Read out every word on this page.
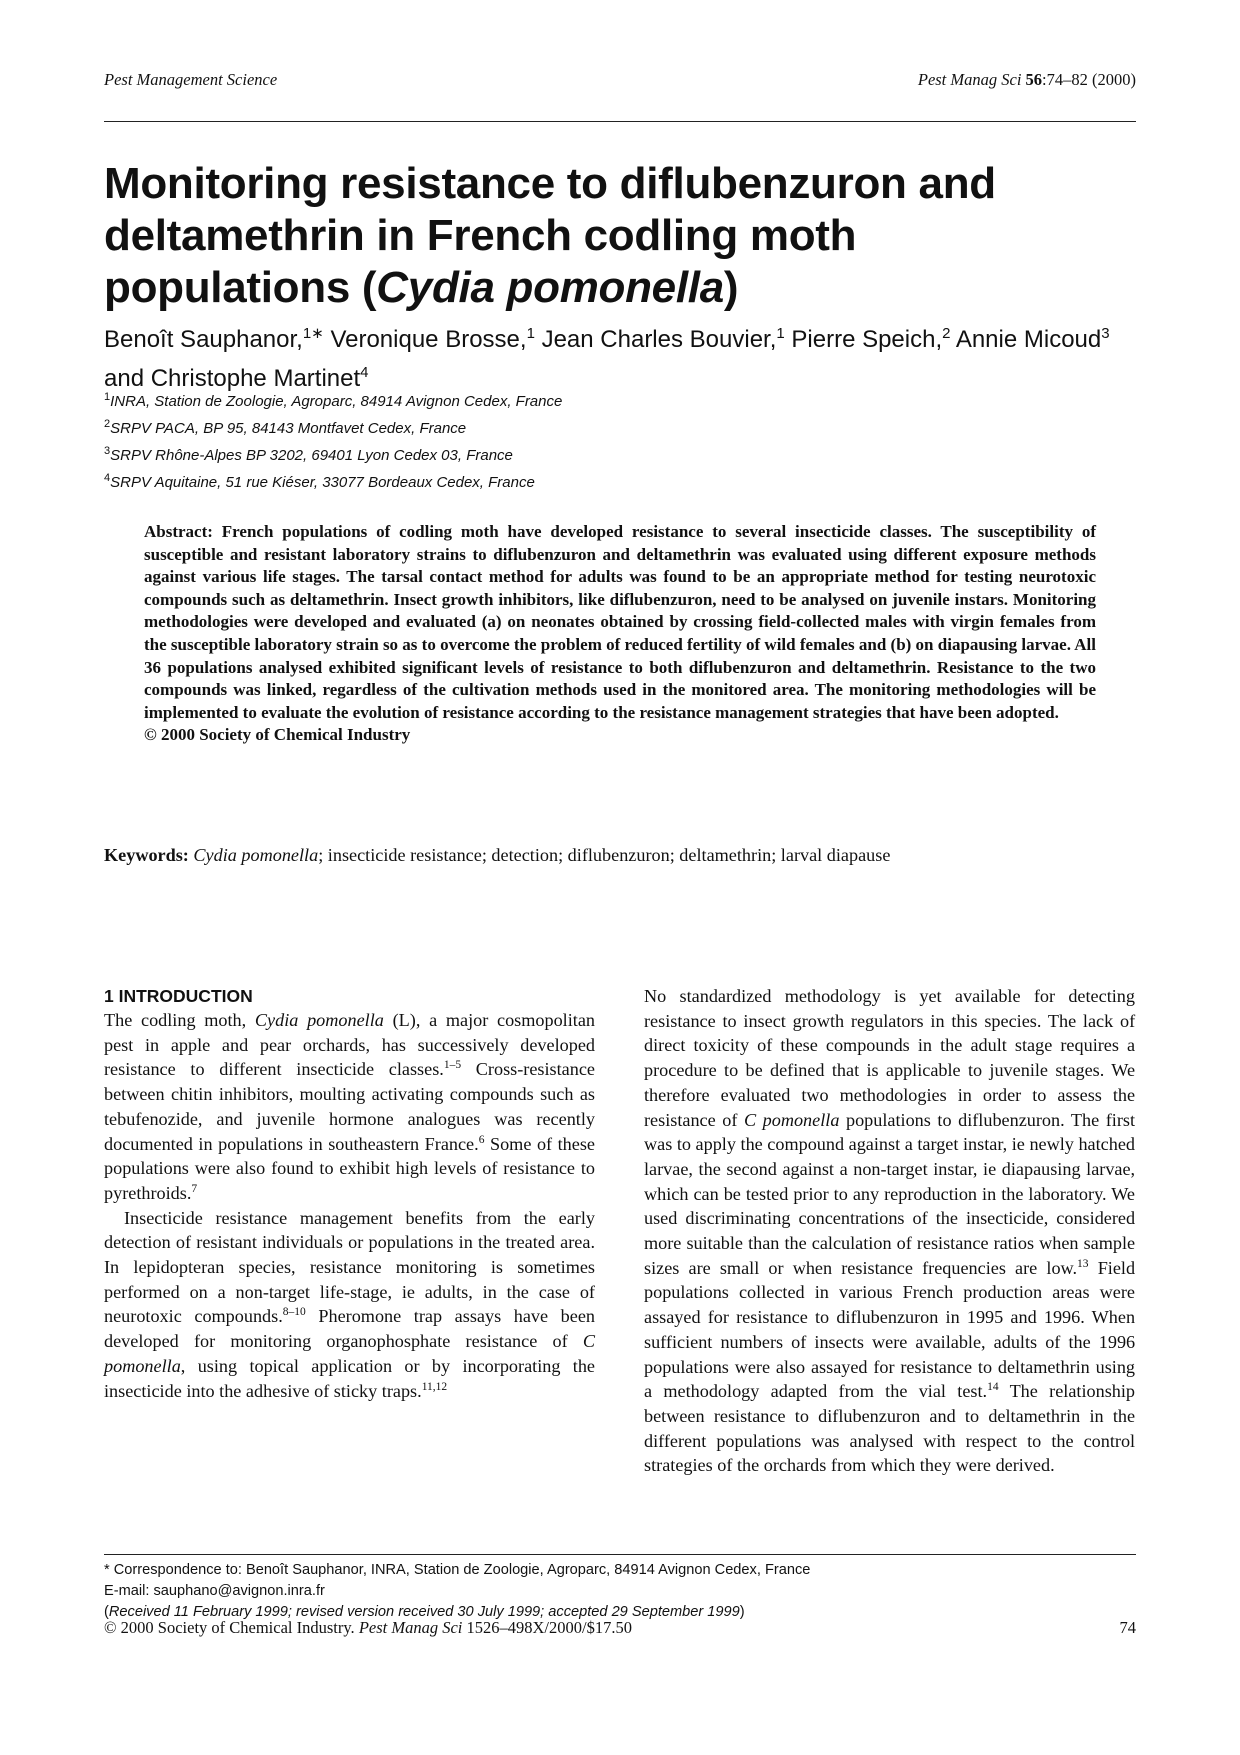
Pest Management Science	Pest Manag Sci 56:74–82 (2000)
Monitoring resistance to diflubenzuron and deltamethrin in French codling moth populations (Cydia pomonella)
Benoît Sauphanor,$^{1∗}$ Veronique Brosse,$^1$ Jean Charles Bouvier,$^1$ Pierre Speich,$^2$ Annie Micoud$^3$ and Christophe Martinet$^4$
$^1$INRA, Station de Zoologie, Agroparc, 84914 Avignon Cedex, France
$^2$SRPV PACA, BP 95, 84143 Montfavet Cedex, France
$^3$SRPV Rhône-Alpes BP 3202, 69401 Lyon Cedex 03, France
$^4$SRPV Aquitaine, 51 rue Kiéser, 33077 Bordeaux Cedex, France
Abstract: French populations of codling moth have developed resistance to several insecticide classes. The susceptibility of susceptible and resistant laboratory strains to diflubenzuron and deltamethrin was evaluated using different exposure methods against various life stages. The tarsal contact method for adults was found to be an appropriate method for testing neurotoxic compounds such as deltamethrin. Insect growth inhibitors, like diflubenzuron, need to be analysed on juvenile instars. Monitoring methodologies were developed and evaluated (a) on neonates obtained by crossing field-collected males with virgin females from the susceptible laboratory strain so as to overcome the problem of reduced fertility of wild females and (b) on diapausing larvae. All 36 populations analysed exhibited significant levels of resistance to both diflubenzuron and deltamethrin. Resistance to the two compounds was linked, regardless of the cultivation methods used in the monitored area. The monitoring methodologies will be implemented to evaluate the evolution of resistance according to the resistance management strategies that have been adopted.
© 2000 Society of Chemical Industry
Keywords: Cydia pomonella; insecticide resistance; detection; diflubenzuron; deltamethrin; larval diapause
1 INTRODUCTION

The codling moth, Cydia pomonella (L), a major cosmopolitan pest in apple and pear orchards, has successively developed resistance to different insecticide classes.$^{1-5}$ Cross-resistance between chitin inhibitors, moulting activating compounds such as tebufenozide, and juvenile hormone analogues was recently documented in populations in southeastern France.$^6$ Some of these populations were also found to exhibit high levels of resistance to pyrethroids.$^7$

Insecticide resistance management benefits from the early detection of resistant individuals or populations in the treated area. In lepidopteran species, resistance monitoring is sometimes performed on a non-target life-stage, ie adults, in the case of neurotoxic compounds.$^{8-10}$ Pheromone trap assays have been developed for monitoring organophosphate resistance of C pomonella, using topical application or by incorporating the insecticide into the adhesive of sticky traps.$^{11,12}$

No standardized methodology is yet available for detecting resistance to insect growth regulators in this species. The lack of direct toxicity of these compounds in the adult stage requires a procedure to be defined that is applicable to juvenile stages. We therefore evaluated two methodologies in order to assess the resistance of C pomonella populations to diflubenzuron. The first was to apply the compound against a target instar, ie newly hatched larvae, the second against a non-target instar, ie diapausing larvae, which can be tested prior to any reproduction in the laboratory. We used discriminating concentrations of the insecticide, considered more suitable than the calculation of resistance ratios when sample sizes are small or when resistance frequencies are low.$^{13}$ Field populations collected in various French production areas were assayed for resistance to diflubenzuron in 1995 and 1996. When sufficient numbers of insects were available, adults of the 1996 populations were also assayed for resistance to deltamethrin using a methodology adapted from the vial test.$^{14}$ The relationship between resistance to diflubenzuron and to deltamethrin in the different populations was analysed with respect to the control strategies of the orchards from which they were derived.

* Correspondence to: Benoît Sauphanor, INRA, Station de Zoologie, Agroparc, 84914 Avignon Cedex, France
E-mail: sauphano@avignon.inra.fr
(Received 11 February 1999; revised version received 30 July 1999; accepted 29 September 1999)
© 2000 Society of Chemical Industry. Pest Manag Sci 1526–498X/2000/$17.50	74
